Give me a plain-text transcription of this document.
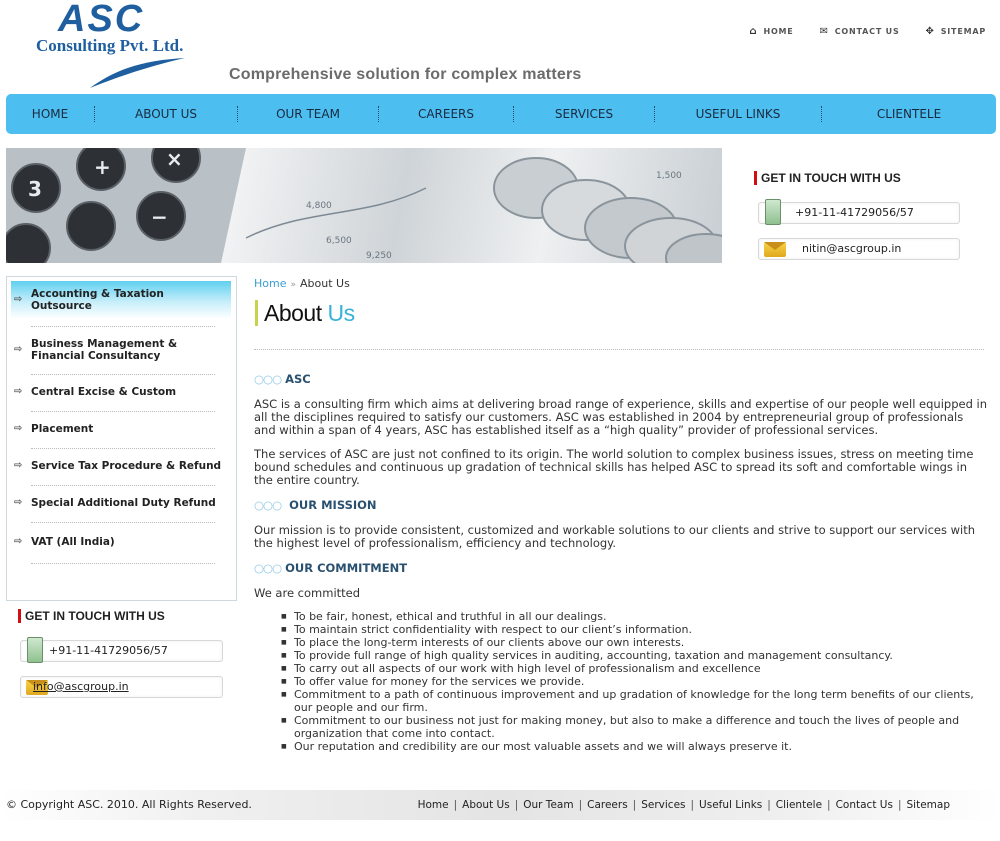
ASC
Consulting Pvt. Ltd.
Comprehensive solution for complex matters
⌂ HOME	✉ CONTACT US	✥ SITEMAP
HOME	ABOUT US	OUR TEAM	CAREERS	SERVICES	USEFUL LINKS	CLIENTELE
3
+	×
−
6,500
9,250
4,800
1,500	GET IN TOUCH WITH US
+91-11-41729056/57
nitin@ascgroup.in
⇨ Accounting & Taxation Outsource
⇨ Business Management & Financial Consultancy
⇨ Central Excise & Custom
⇨ Placement
⇨ Service Tax Procedure & Refund
⇨ Special Additional Duty Refund
⇨ VAT (All India)
GET IN TOUCH WITH US
+91-11-41729056/57
info@ascgroup.in
Home » About Us
About Us
○○○ ASC
ASC is a consulting firm which aims at delivering broad range of experience, skills and expertise of our people well equipped in all the disciplines required to satisfy our customers. ASC was established in 2004 by entrepreneurial group of professionals and within a span of 4 years, ASC has established itself as a “high quality” provider of professional services.
The services of ASC are just not confined to its origin. The world solution to complex business issues, stress on meeting time bound schedules and continuous up gradation of technical skills has helped ASC to spread its soft and comfortable wings in the entire country.
○○○ OUR MISSION
Our mission is to provide consistent, customized and workable solutions to our clients and strive to support our services with the highest level of professionalism, efficiency and technology.
○○○ OUR COMMITMENT
We are committed
■ To be fair, honest, ethical and truthful in all our dealings.
■ To maintain strict confidentiality with respect to our client’s information.
■ To place the long-term interests of our clients above our own interests.
■ To provide full range of high quality services in auditing, accounting, taxation and management consultancy.
■ To carry out all aspects of our work with high level of professionalism and excellence
■ To offer value for money for the services we provide.
■ Commitment to a path of continuous improvement and up gradation of knowledge for the long term benefits of our clients, our people and our firm.
■ Commitment to our business not just for making money, but also to make a difference and touch the lives of people and organization that come into contact.
■ Our reputation and credibility are our most valuable assets and we will always preserve it.
© Copyright ASC. 2010. All Rights Reserved.	Home | About Us | Our Team | Careers | Services | Useful Links | Clientele | Contact Us | Sitemap
